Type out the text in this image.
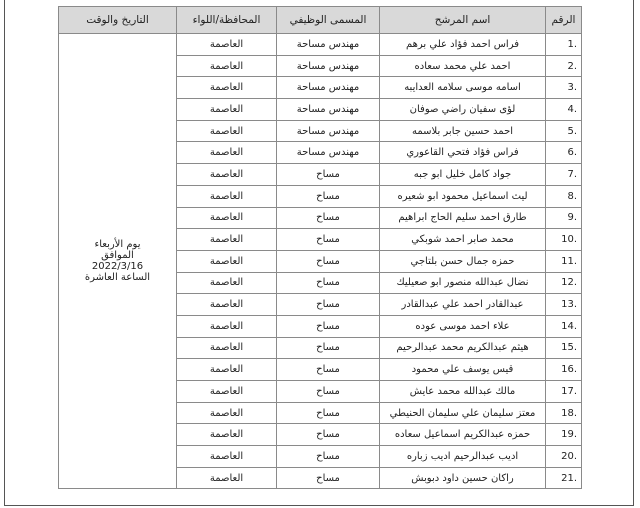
الرقم	اسم المرشح	المسمى الوظيفي	المحافظة/اللواء	التاريخ والوقت
.1	فراس احمد فؤاد علي برهم	مهندس مساحة	العاصمة	يوم الأربعاء
الموافق
2022/3/16
الساعة العاشرة

.2	احمد علي محمد سعاده	مهندس مساحة	العاصمة	
.3	اسامه موسى سلامه العدايبه	مهندس مساحة	العاصمة	
.4	لؤى سفيان راضي صوفان	مهندس مساحة	العاصمة	
.5	احمد حسين جابر بلاسمه	مهندس مساحة	العاصمة	
.6	فراس فؤاد فتحي القاعوري	مهندس مساحة	العاصمة	
.7	جواد كامل خليل ابو جبه	مساح	العاصمة	
.8	ليث اسماعيل محمود ابو شعيره	مساح	العاصمة	
.9	طارق احمد سليم الحاج ابراهيم	مساح	العاصمة	
.10	محمد صابر احمد شوبكي	مساح	العاصمة	
.11	حمزه جمال حسن بلتاجي	مساح	العاصمة	
.12	نضال عبدالله منصور ابو صعيليك	مساح	العاصمة	
.13	عبدالقادر احمد علي عبدالقادر	مساح	العاصمة	
.14	علاء احمد موسى عوده	مساح	العاصمة	
.15	هيثم عبدالكريم محمد عبدالرحيم	مساح	العاصمة	
.16	قيس يوسف علي محمود	مساح	العاصمة	
.17	مالك عبدالله محمد عايش	مساح	العاصمة	
.18	معتز سليمان علي سليمان الحنيطي	مساح	العاصمة	
.19	حمزه عبدالكريم اسماعيل سعاده	مساح	العاصمة	
.20	اديب عبدالرحيم اديب زباره	مساح	العاصمة	
.21	راكان حسين داود دبوبش	مساح	العاصمة	
